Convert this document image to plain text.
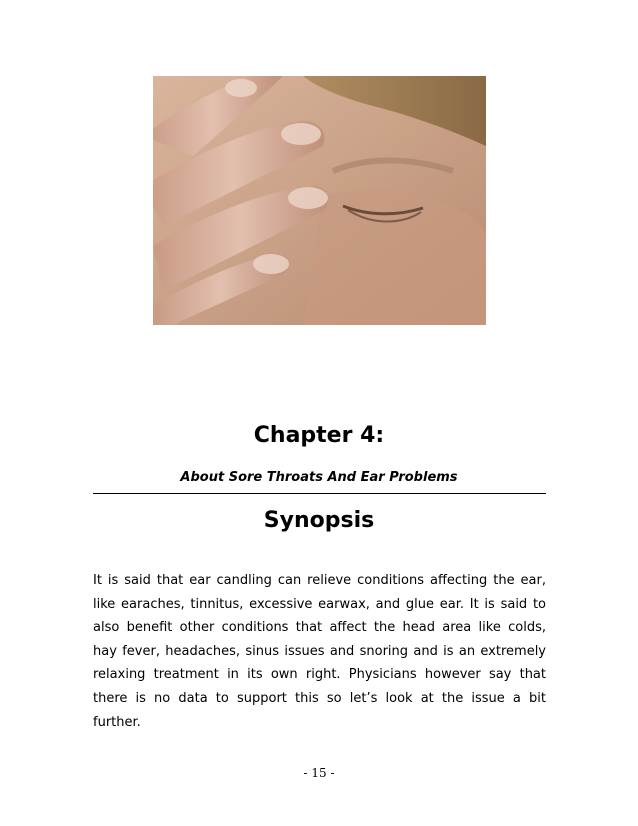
Chapter 4:
About Sore Throats And Ear Problems
Synopsis
It is said that ear candling can relieve conditions affecting the ear, like earaches, tinnitus, excessive earwax, and glue ear. It is said to also benefit other conditions that affect the head area like colds, hay fever, headaches, sinus issues and snoring and is an extremely relaxing treatment in its own right. Physicians however say that there is no data to support this so let’s look at the issue a bit further.
- 15 -
